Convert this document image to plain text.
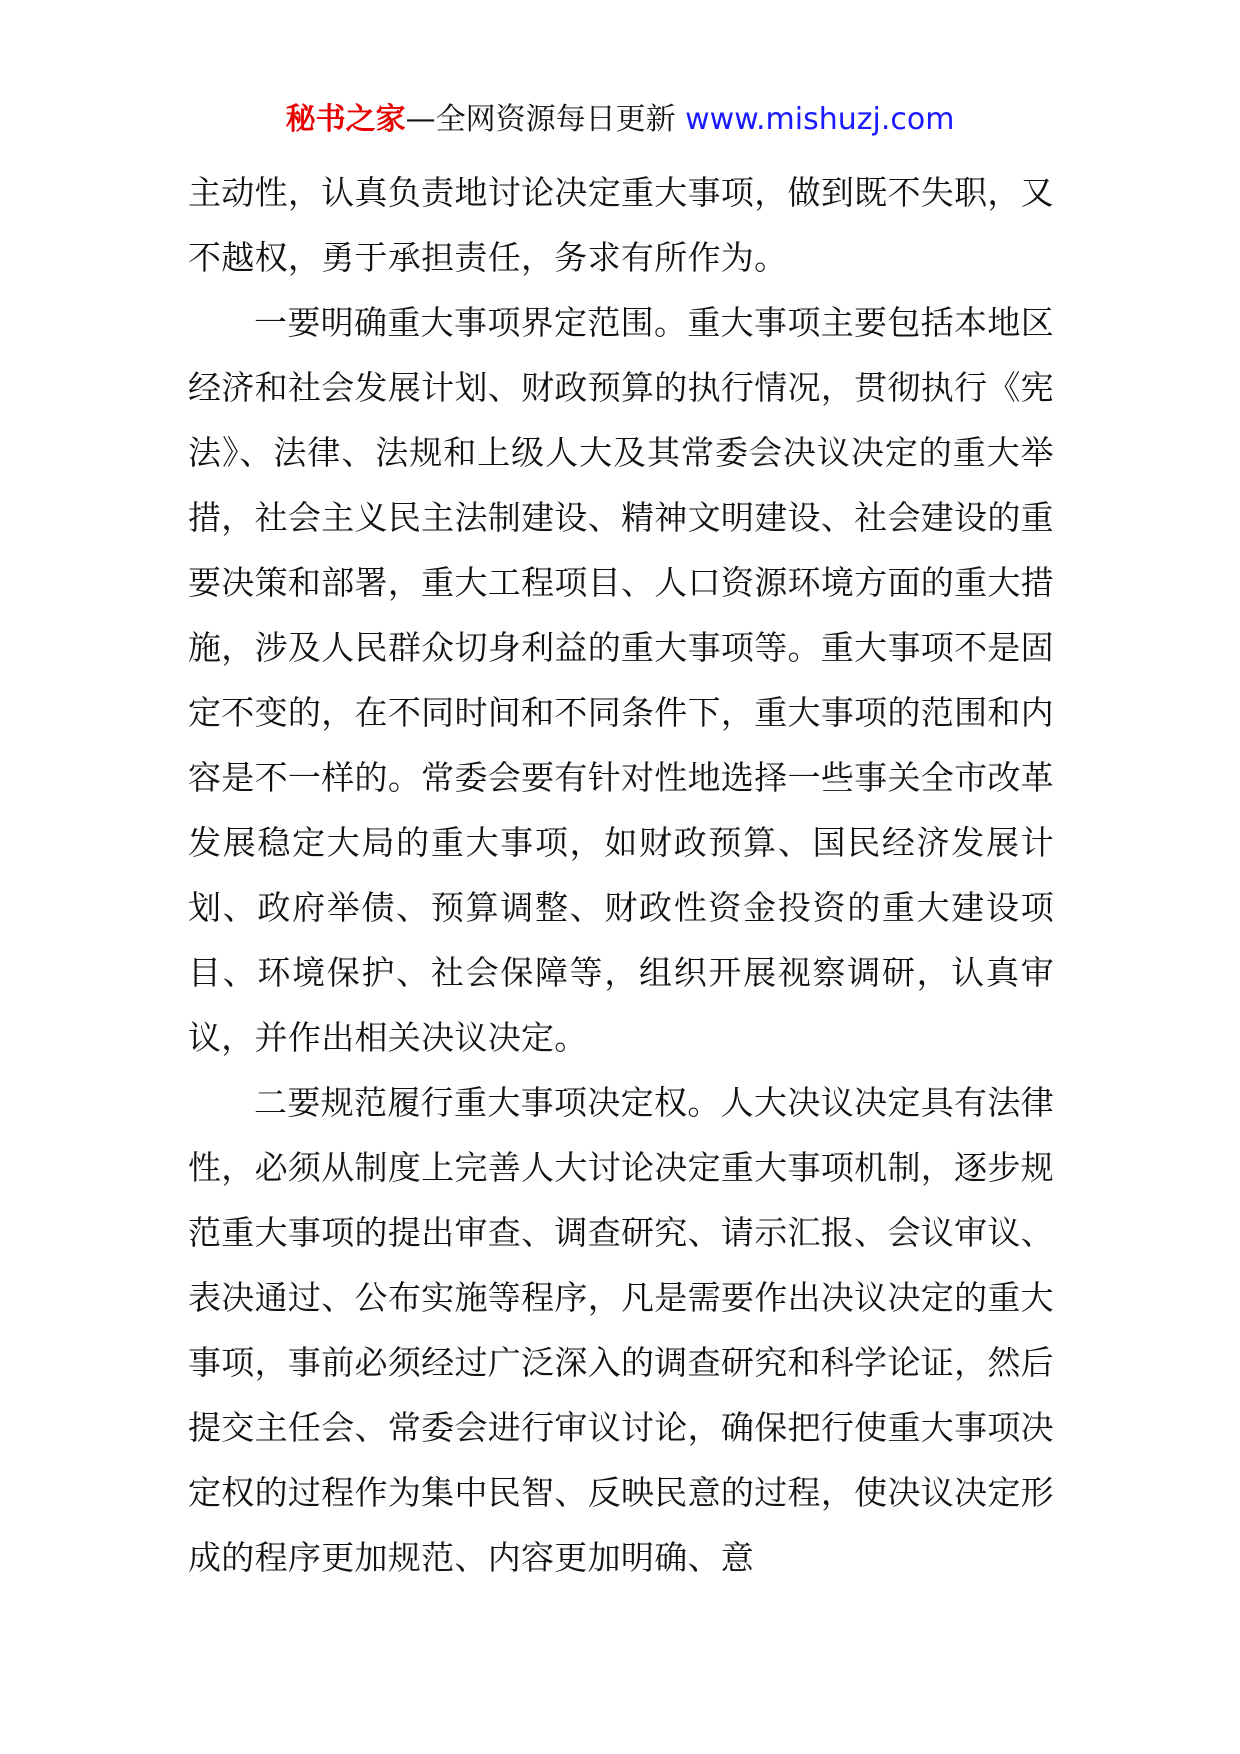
秘书之家—全网资源每日更新 www.mishuzj.com

主动性，认真负责地讨论决定重大事项，做到既不失职，又不越权，勇于承担责任，务求有所作为。

一要明确重大事项界定范围。重大事项主要包括本地区经济和社会发展计划、财政预算的执行情况，贯彻执行《宪法》、法律、法规和上级人大及其常委会决议决定的重大举措，社会主义民主法制建设、精神文明建设、社会建设的重要决策和部署，重大工程项目、人口资源环境方面的重大措施，涉及人民群众切身利益的重大事项等。重大事项不是固定不变的，在不同时间和不同条件下，重大事项的范围和内容是不一样的。常委会要有针对性地选择一些事关全市改革发展稳定大局的重大事项，如财政预算、国民经济发展计划、政府举债、预算调整、财政性资金投资的重大建设项目、环境保护、社会保障等，组织开展视察调研，认真审议，并作出相关决议决定。

二要规范履行重大事项决定权。人大决议决定具有法律性，必须从制度上完善人大讨论决定重大事项机制，逐步规范重大事项的提出审查、调查研究、请示汇报、会议审议、表决通过、公布实施等程序，凡是需要作出决议决定的重大事项，事前必须经过广泛深入的调查研究和科学论证，然后提交主任会、常委会进行审议讨论，确保把行使重大事项决定权的过程作为集中民智、反映民意的过程，使决议决定形成的程序更加规范、内容更加明确、意
